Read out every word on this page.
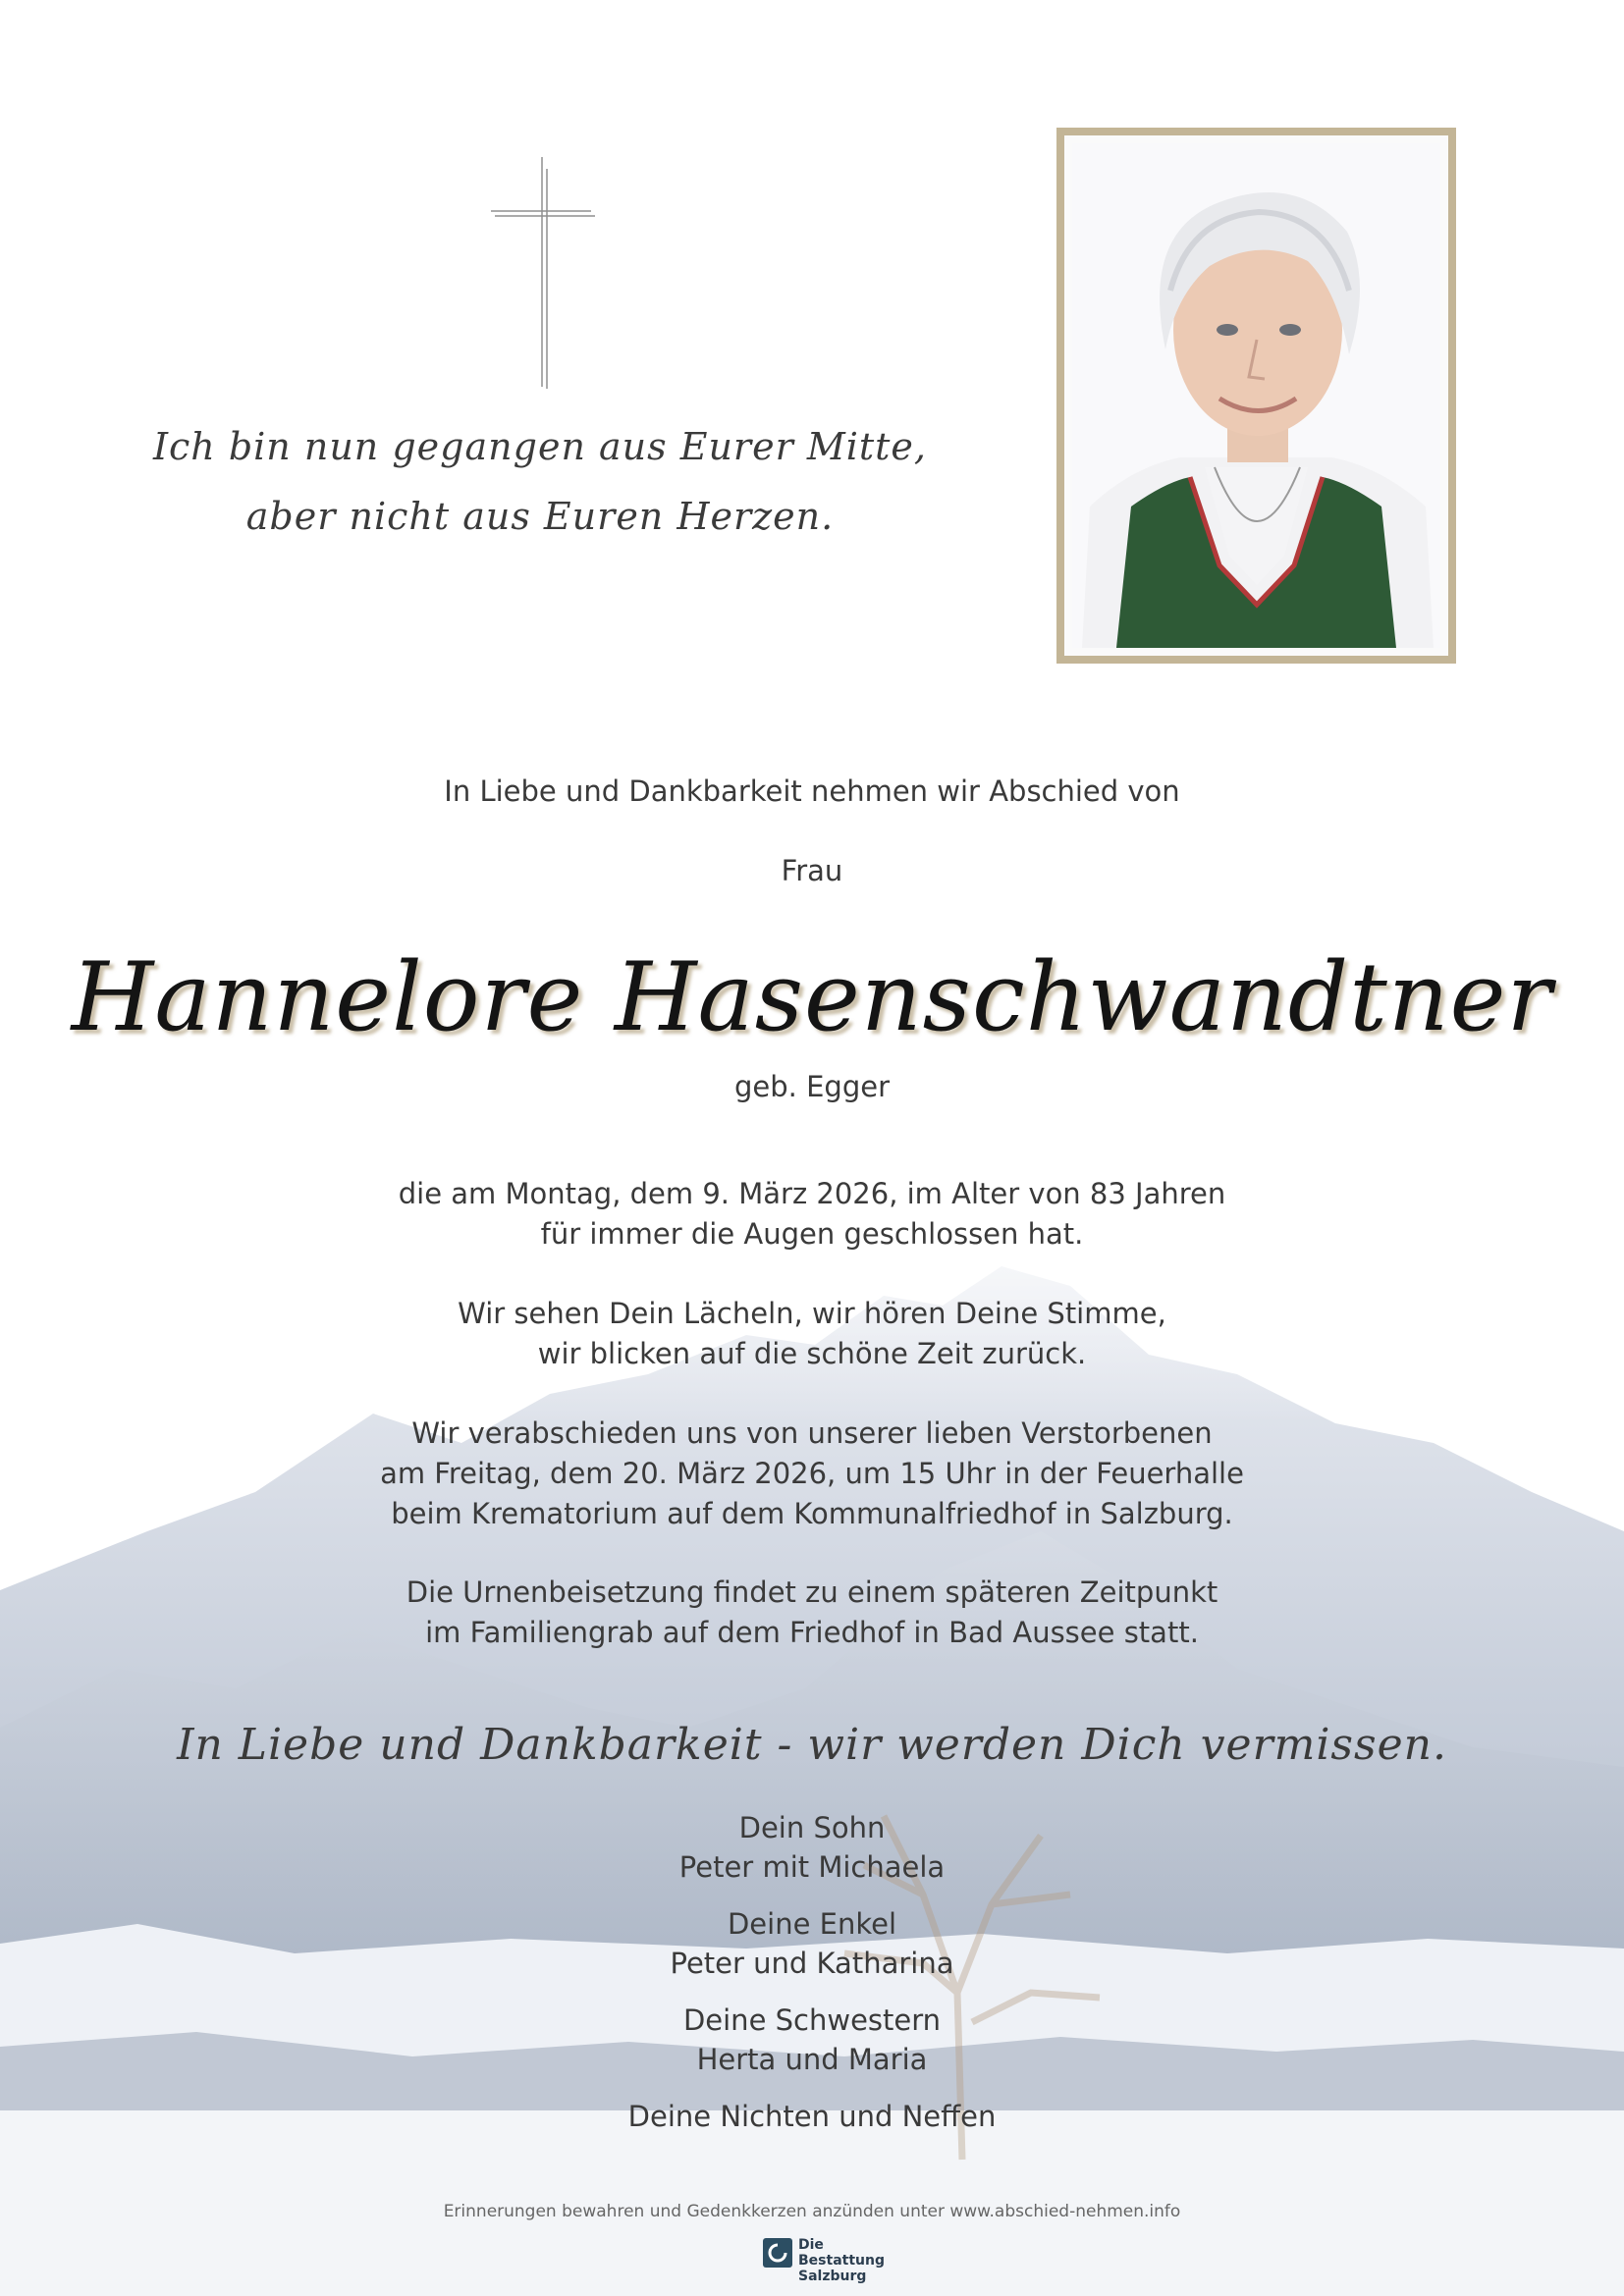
Ich bin nun gegangen aus Eurer Mitte,
aber nicht aus Euren Herzen.
In Liebe und Dankbarkeit nehmen wir Abschied von
Frau
Hannelore Hasenschwandtner
geb. Egger
die am Montag, dem 9. März 2026, im Alter von 83 Jahren
für immer die Augen geschlossen hat.
Wir sehen Dein Lächeln, wir hören Deine Stimme,
wir blicken auf die schöne Zeit zurück.
Wir verabschieden uns von unserer lieben Verstorbenen
am Freitag, dem 20. März 2026, um 15 Uhr in der Feuerhalle
beim Krematorium auf dem Kommunalfriedhof in Salzburg.
Die Urnenbeisetzung findet zu einem späteren Zeitpunkt
im Familiengrab auf dem Friedhof in Bad Aussee statt.
In Liebe und Dankbarkeit - wir werden Dich vermissen.
Dein Sohn
Peter mit Michaela
Deine Enkel
Peter und Katharina
Deine Schwestern
Herta und Maria
Deine Nichten und Neffen
Erinnerungen bewahren und Gedenkkerzen anzünden unter www.abschied-nehmen.info
Die Bestattung
Salzburg
